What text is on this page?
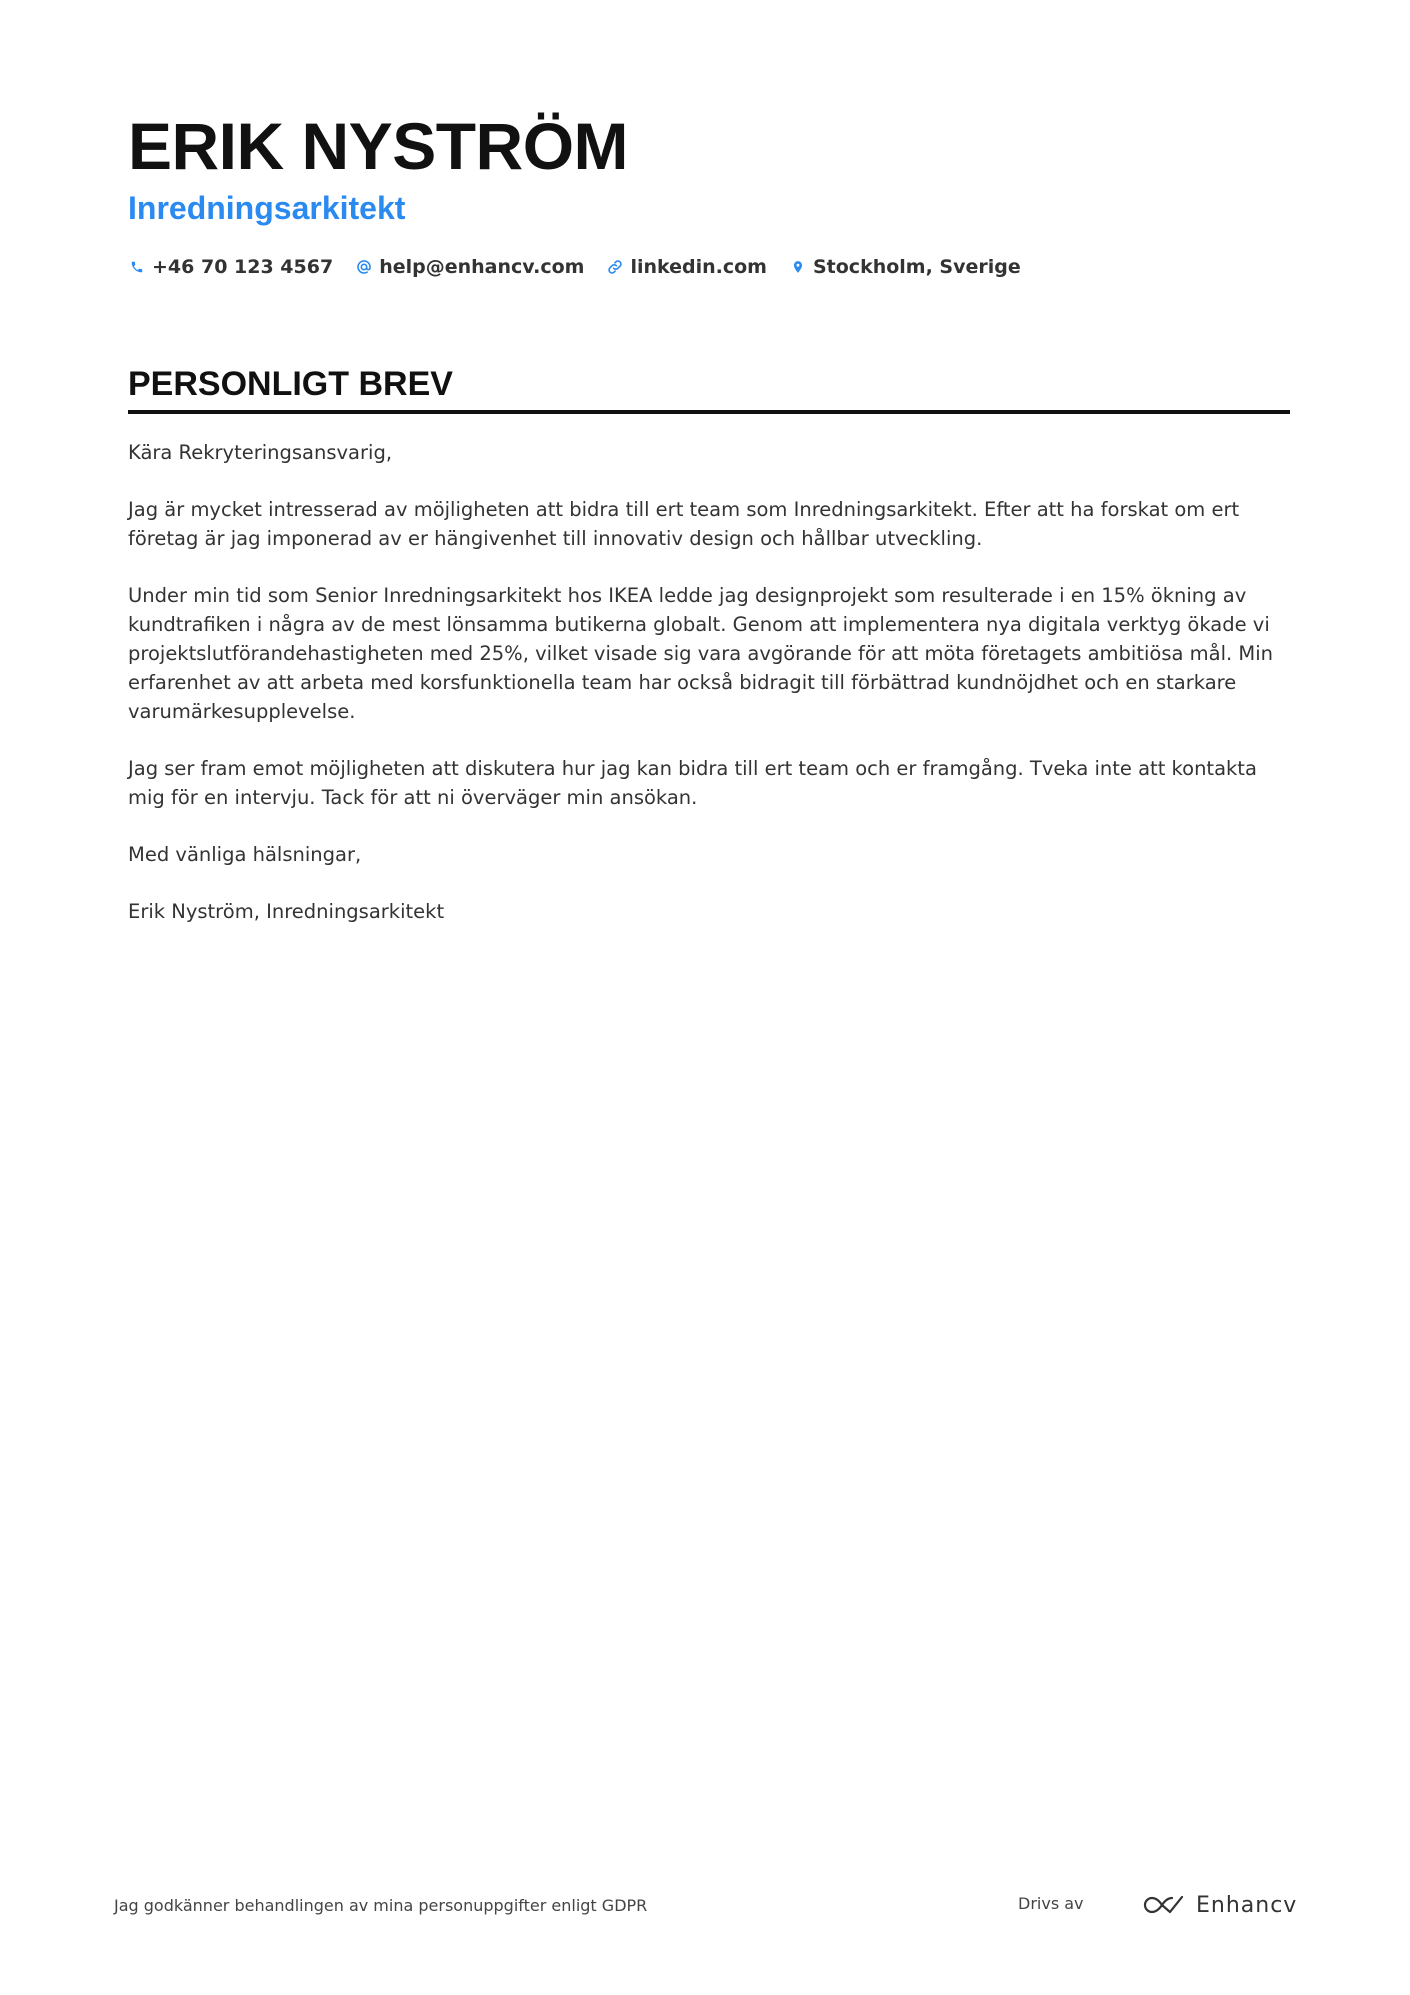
ERIK NYSTRÖM
Inredningsarkitekt
+46 70 123 4567 help@enhancv.com linkedin.com Stockholm, Sverige
PERSONLIGT BREV

Kära Rekryteringsansvarig,

Jag är mycket intresserad av möjligheten att bidra till ert team som Inredningsarkitekt. Efter att ha forskat om ert företag är jag imponerad av er hängivenhet till innovativ design och hållbar utveckling.

Under min tid som Senior Inredningsarkitekt hos IKEA ledde jag designprojekt som resulterade i en 15% ökning av kundtrafiken i några av de mest lönsamma butikerna globalt. Genom att implementera nya digitala verktyg ökade vi projektslutförandehastigheten med 25%, vilket visade sig vara avgörande för att möta företagets ambitiösa mål. Min erfarenhet av att arbeta med korsfunktionella team har också bidragit till förbättrad kundnöjdhet och en starkare varumärkesupplevelse.

Jag ser fram emot möjligheten att diskutera hur jag kan bidra till ert team och er framgång. Tveka inte att kontakta mig för en intervju. Tack för att ni överväger min ansökan.

Med vänliga hälsningar,

Erik Nyström, Inredningsarkitekt

Jag godkänner behandlingen av mina personuppgifter enligt GDPR	Drivs av	Enhancv
